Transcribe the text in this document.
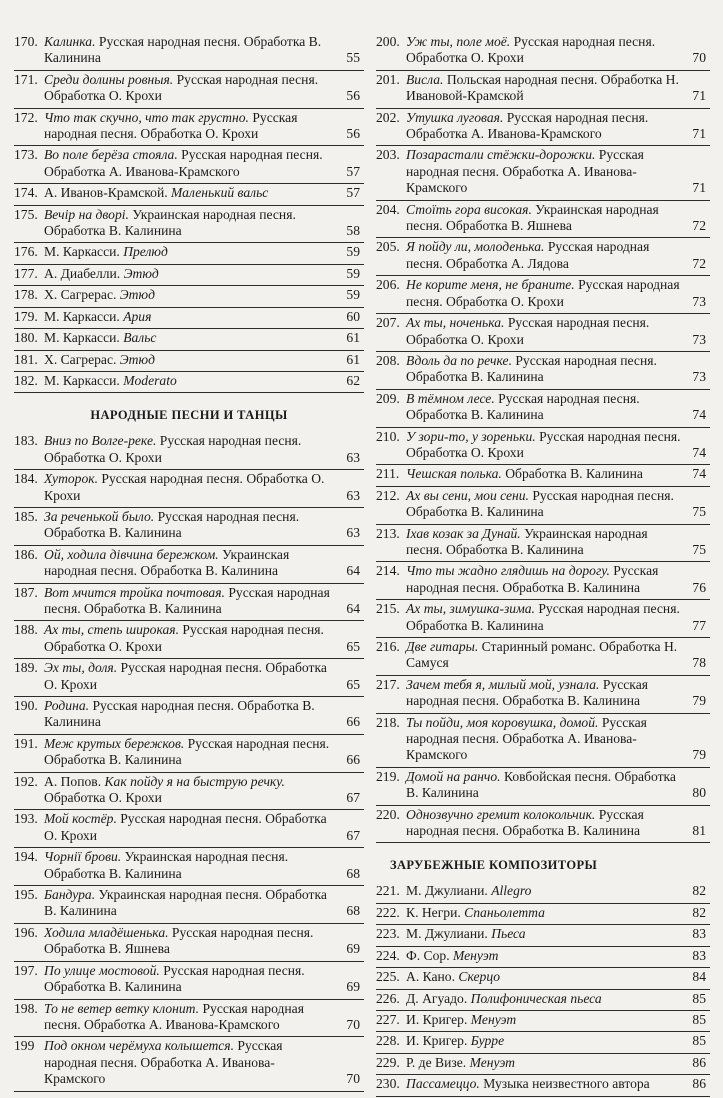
170. Калинка. Русская народная песня. Обработка В. Калинина	55
171. Среди долины ровныя. Русская народная песня. Обработка О. Крохи	56
172. Что так скучно, что так грустно. Русская народная песня. Обработка О. Крохи	56
173. Во поле берёза стояла. Русская народная песня. Обработка А. Иванова-Крамского	57
174. А. Иванов-Крамской. Маленький вальс	57
175. Вечір на дворі. Украинская народная песня. Обработка В. Калинина	58
176. М. Каркасси. Прелюд	59
177. А. Диабелли. Этюд	59
178. Х. Сагрерас. Этюд	59
179. М. Каркасси. Ария	60
180. М. Каркасси. Вальс	61
181. Х. Сагрерас. Этюд	61
182. М. Каркасси. Moderato	62
НАРОДНЫЕ ПЕСНИ И ТАНЦЫ
183. Вниз по Волге-реке. Русская народная песня. Обработка О. Крохи	63
184. Хуторок. Русская народная песня. Обработка О. Крохи	63
185. За реченькой было. Русская народная песня. Обработка В. Калинина	63
186. Ой, ходила дівчина бережком. Украинская народная песня. Обработка В. Калинина	64
187. Вот мчится тройка почтовая. Русская народная песня. Обработка В. Калинина	64
188. Ах ты, степь широкая. Русская народная песня. Обработка О. Крохи	65
189. Эх ты, доля. Русская народная песня. Обработка О. Крохи	65
190. Родина. Русская народная песня. Обработка В. Калинина	66
191. Меж крутых бережков. Русская народная песня. Обработка В. Калинина	66
192. А. Попов. Как пойду я на быструю речку. Обработка О. Крохи	67
193. Мой костёр. Русская народная песня. Обработка О. Крохи	67
194. Чорнії брови. Украинская народная песня. Обработка В. Калинина	68
195. Бандура. Украинская народная песня. Обработка В. Калинина	68
196. Ходила младёшенька. Русская народная песня. Обработка В. Яшнева	69
197. По улице мостовой. Русская народная песня. Обработка В. Калинина	69
198. То не ветер ветку клонит. Русская народная песня. Обработка А. Иванова-Крамского	70
199 Под окном черёмуха колышется. Русская народная песня. Обработка А. Иванова-Крамского	70
200. Уж ты, поле моё. Русская народная песня. Обработка О. Крохи	70
201. Висла. Польская народная песня. Обработка Н. Ивановой-Крамской	71
202. Утушка луговая. Русская народная песня. Обработка А. Иванова-Крамского	71
203. Позарастали стёжки-дорожки. Русская народная песня. Обработка А. Иванова-Крамского	71
204. Стоїть гора високая. Украинская народная песня. Обработка В. Яшнева	72
205. Я пойду ли, молоденька. Русская народная песня. Обработка А. Лядова	72
206. Не корите меня, не браните. Русская народная песня. Обработка О. Крохи	73
207. Ах ты, ноченька. Русская народная песня. Обработка О. Крохи	73
208. Вдоль да по речке. Русская народная песня. Обработка В. Калинина	73
209. В тёмном лесе. Русская народная песня. Обработка В. Калинина	74
210. У зори-то, у зореньки. Русская народная песня. Обработка О. Крохи	74
211. Чешская полька. Обработка В. Калинина	74
212. Ах вы сени, мои сени. Русская народная песня. Обработка В. Калинина	75
213. Іхав козак за Дунай. Украинская народная песня. Обработка В. Калинина	75
214. Что ты жадно глядишь на дорогу. Русская народная песня. Обработка В. Калинина	76
215. Ах ты, зимушка-зима. Русская народная песня. Обработка В. Калинина	77
216. Две гитары. Старинный романс. Обработка Н. Самуся	78
217. Зачем тебя я, милый мой, узнала. Русская народная песня. Обработка В. Калинина	79
218. Ты пойди, моя коровушка, домой. Русская народная песня. Обработка А. Иванова-Крамского	79
219. Домой на ранчо. Ковбойская песня. Обработка В. Калинина	80
220. Однозвучно гремит колокольчик. Русская народная песня. Обработка В. Калинина	81
ЗАРУБЕЖНЫЕ КОМПОЗИТОРЫ
221. М. Джулиани. Allegro	82
222. К. Негри. Спаньолетта	82
223. М. Джулиани. Пьеса	83
224. Ф. Сор. Менуэт	83
225. А. Кано. Скерцо	84
226. Д. Агуадо. Полифоническая пьеса	85
227. И. Кригер. Менуэт	85
228. И. Кригер. Бурре	85
229. Р. де Визе. Менуэт	86
230. Пассамеццо. Музыка неизвестного автора	86
